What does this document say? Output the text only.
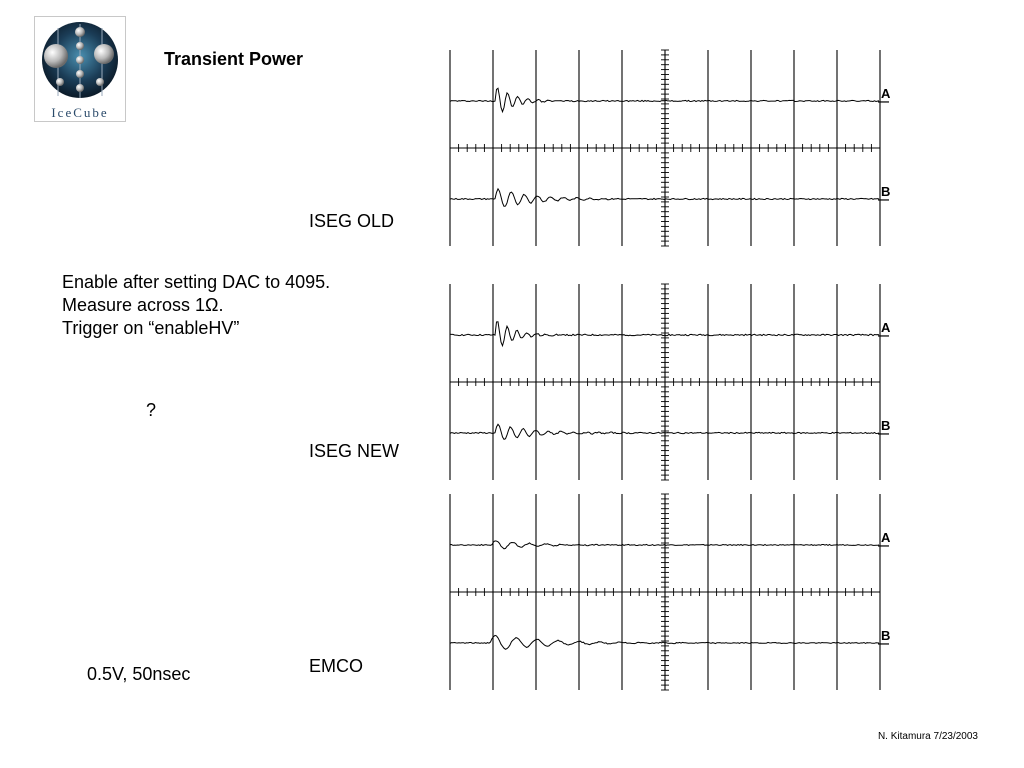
IceCube
Transient Power
Enable after setting DAC to 4095.
Measure across 1Ω.
Trigger on “enableHV”
?
0.5V, 50nsec
ISEG OLD
ISEG NEW
EMCO
A
B
A
B
A
B
N. Kitamura 7/23/2003
